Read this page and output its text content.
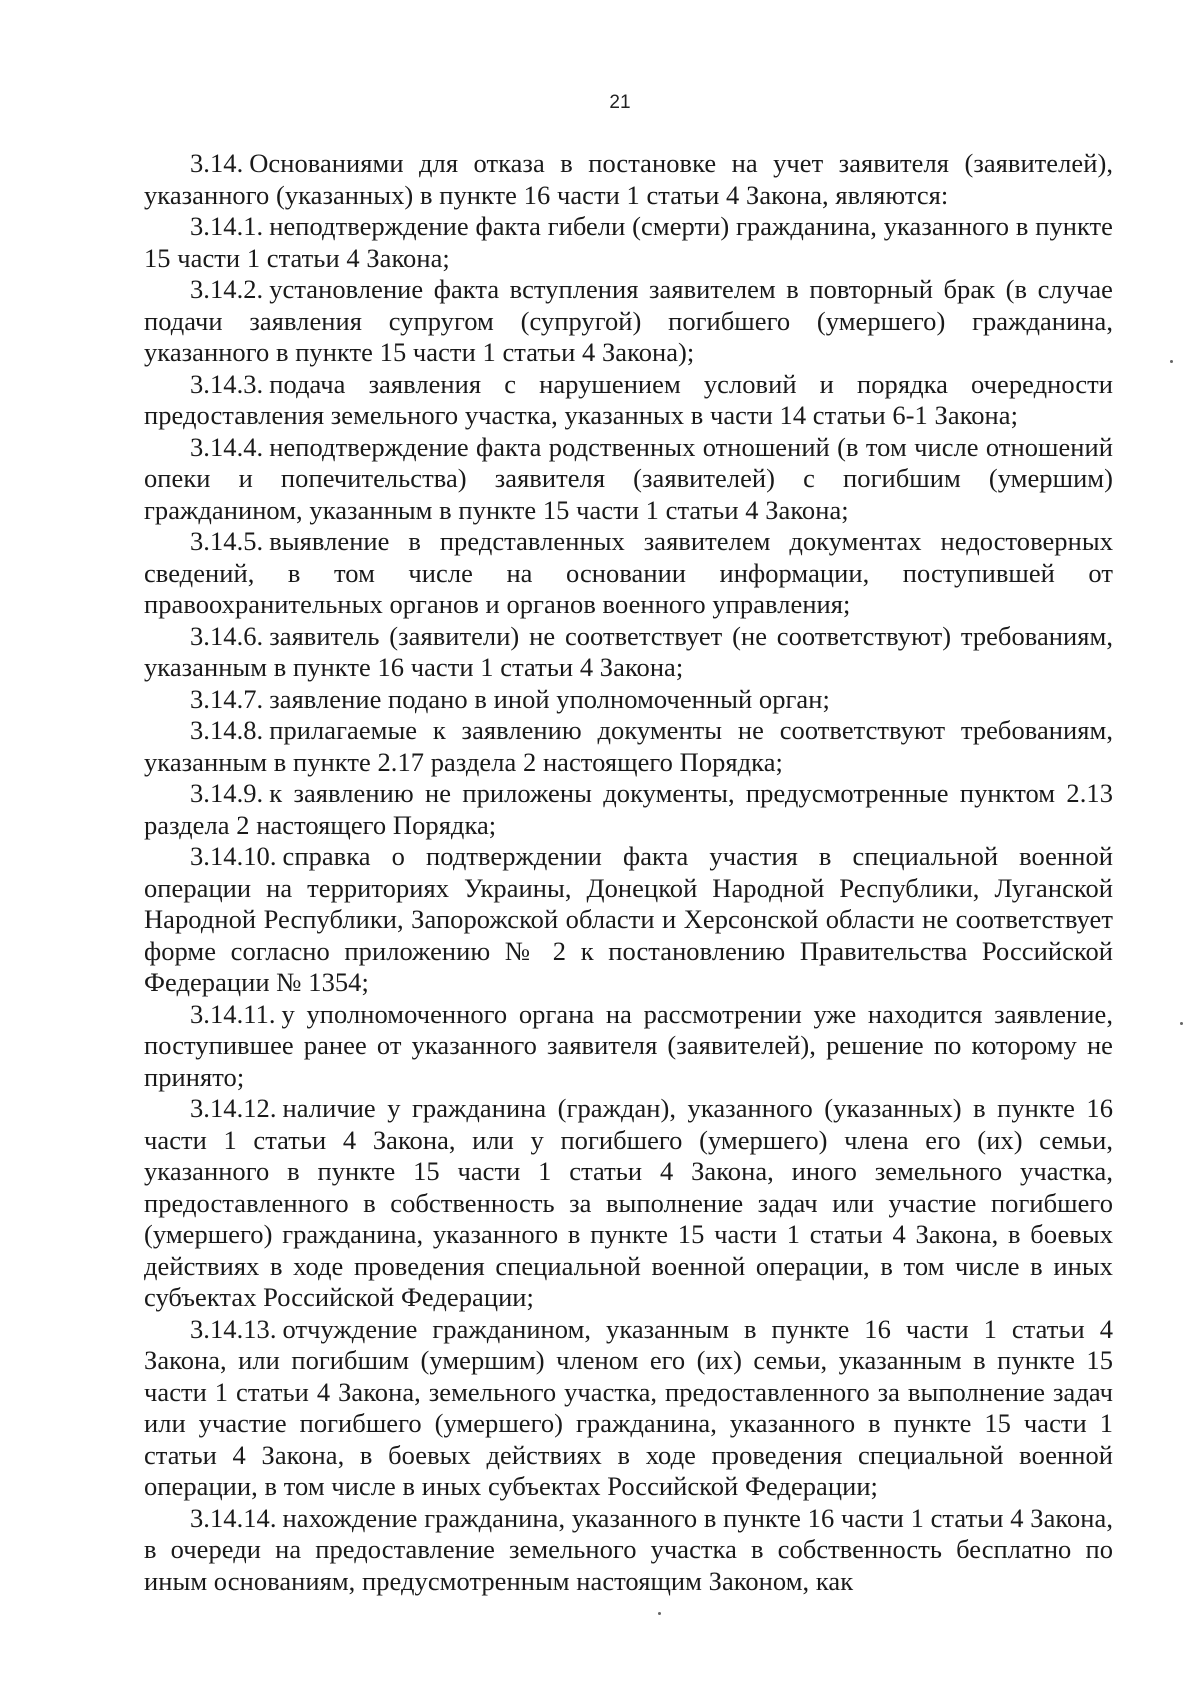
21

3.14. Основаниями для отказа в постановке на учет заявителя (заявителей), указанного (указанных) в пункте 16 части 1 статьи 4 Закона, являются:

3.14.1. неподтверждение факта гибели (смерти) гражданина, указанного в пункте 15 части 1 статьи 4 Закона;

3.14.2. установление факта вступления заявителем в повторный брак (в случае подачи заявления супругом (супругой) погибшего (умершего) гражданина, указанного в пункте 15 части 1 статьи 4 Закона);

3.14.3. подача заявления с нарушением условий и порядка очередности предоставления земельного участка, указанных в части 14 статьи 6-1 Закона;

3.14.4. неподтверждение факта родственных отношений (в том числе отношений опеки и попечительства) заявителя (заявителей) с погибшим (умершим) гражданином, указанным в пункте 15 части 1 статьи 4 Закона;

3.14.5. выявление в представленных заявителем документах недостоверных сведений, в том числе на основании информации, поступившей от правоохранительных органов и органов военного управления;

3.14.6. заявитель (заявители) не соответствует (не соответствуют) требованиям, указанным в пункте 16 части 1 статьи 4 Закона;

3.14.7. заявление подано в иной уполномоченный орган;

3.14.8. прилагаемые к заявлению документы не соответствуют требованиям, указанным в пункте 2.17 раздела 2 настоящего Порядка;

3.14.9. к заявлению не приложены документы, предусмотренные пунктом 2.13 раздела 2 настоящего Порядка;

3.14.10. справка о подтверждении факта участия в специальной военной операции на территориях Украины, Донецкой Народной Республики, Луганской Народной Республики, Запорожской области и Херсонской области не соответствует форме согласно приложению № 2 к постановлению Правительства Российской Федерации № 1354;

3.14.11. у уполномоченного органа на рассмотрении уже находится заявление, поступившее ранее от указанного заявителя (заявителей), решение по которому не принято;

3.14.12. наличие у гражданина (граждан), указанного (указанных) в пункте 16 части 1 статьи 4 Закона, или у погибшего (умершего) члена его (их) семьи, указанного в пункте 15 части 1 статьи 4 Закона, иного земельного участка, предоставленного в собственность за выполнение задач или участие погибшего (умершего) гражданина, указанного в пункте 15 части 1 статьи 4 Закона, в боевых действиях в ходе проведения специальной военной операции, в том числе в иных субъектах Российской Федерации;

3.14.13. отчуждение гражданином, указанным в пункте 16 части 1 статьи 4 Закона, или погибшим (умершим) членом его (их) семьи, указанным в пункте 15 части 1 статьи 4 Закона, земельного участка, предоставленного за выполнение задач или участие погибшего (умершего) гражданина, указанного в пункте 15 части 1 статьи 4 Закона, в боевых действиях в ходе проведения специальной военной операции, в том числе в иных субъектах Российской Федерации;

3.14.14. нахождение гражданина, указанного в пункте 16 части 1 статьи 4 Закона, в очереди на предоставление земельного участка в собственность бесплатно по иным основаниям, предусмотренным настоящим Законом, как
